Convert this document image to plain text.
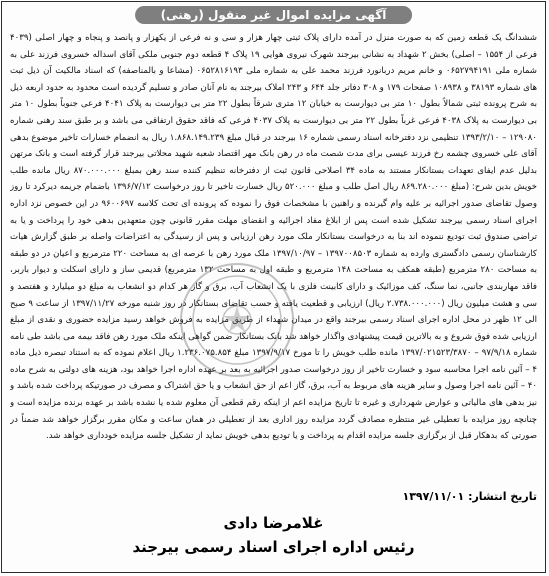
آگهی مزایده اموال غیر منقول (رهنی)

ششدانگ یک قطعه زمین که به صورت منزل در آمده دارای پلاک ثبتی چهار هزار و سی و نه فرعی از یکهزار و پانصد و پنجاه و چهار اصلی (۴۰۳۹ فرعی از ۱۵۵۴ – اصلی) بخش ۲ شهداد به نشانی بیرجند شهرک نیروی هوایی ۱۹ پلاک ۴ قطعه دوم جنوبی ملکی آقای اسداله خسروی فرزند علی به شماره ملی ۰۶۵۲۷۹۴۱۹۱ و خانم مریم دربانورد فرزند محمد علی به شماره ملی ۰۶۵۲۸۱۶۱۹۳ (مشاعا و بالمناصفه) که اسناد مالکیت آن ذیل ثبت های شماره ۳۸۱۹۳ و ۱۰۸۹۳۸ صفحات ۱۷۹ و ۳۰۸ دفاتر جلد ۶۴۴ و ۲۴۳ املاک بیرجند به نام آنان صادر و تسلیم گردیده است محدود به حدود اربعه ذیل به شرح پرونده ثبتی شمالاً بطول ۱۰ متر بی دیوارست به خیابان ۱۲ متری شرقاً بطول ۲۲ متر بی دیوارست به پلاک ۴۰۴۱ فرعی جنوباً بطول ۱۰ متر بی دیوارست به پلاک ۴۰۳۸ فرعی غرباً بطول ۲۲ متر بی دیوارست به پلاک ۴۰۳۷ فرعی که فاقد حقوق ارتفاقی می باشد و بر طبق سند رهنی شماره ۱۲۹۰۸۰ – ۱۳۹۳/۲/۱۰ تنظیمی نزد دفترخانه اسناد رسمی شماره ۱۶ بیرجند در قبال مبلغ ۱.۸۶۸.۱۴۹.۲۳۹ ریال به انضمام خسارات تاخیر موضوع بدهی آقای علی خسروی چشمه رخ فرزند عیسی برای مدت شصت ماه در رهن بانک مهر اقتصاد شعبه شهید محلاتی بیرجند قرار گرفته است و بانک مرتهن بدلیل عدم ایفای تعهدات بستانکار مستند به ماده ۳۴ اصلاحی قانون ثبت از دفترخانه تنظیم کننده سند رهن بمبلغ ۸۷۰.۰۰۰.۰۰۰ ریال مانده طلب خویش بدین شرح: (مبلغ ۸۶۹.۲۸۰.۰۰۰ ریال اصل طلب و مبلغ ۵۲۰.۰۰۰ ریال خسارت تاخیر تا روز درخواست ۱۳۹۶/۷/۱۲ باضمام جریمه دیرکرد تا روز وصول تقاضای صدور اجرائیه بر علیه وام گیرنده و راهنین با مشخصات فوق را نموده که پرونده ای تحت کلاسه ۹۶۰۰۶۹۷ در این خصوص نزد اداره اجرای اسناد رسمی بیرجند تشکیل شده است پس از ابلاغ مفاد اجرائیه و انقضای مهلت مقرر قانونی چون متعهدین بدهی خود را پرداخت و یا به تراضی صندوق ثبت تودیع ننموده اند بنا به درخواست بستانکار ملک مورد رهن ارزیابی و پس از رسیدگی به اعتراضات واصله بر طبق گزارش هیات کارشناسان رسمی دادگستری وارده به شماره ۱۳۹۷۰۰۸۵۰۳ – ۱۳۹۷/۱۰/۹۷ ملک مورد رهن با عرصه ای به مساحت ۲۲۰ مترمربع و اعیان در دو طبقه به مساحت ۲۸۰ مترمربع (طبقه همکف به مساحت ۱۴۸ مترمربع و طبقه اول به مساحت ۱۳۲ مترمربع) قدیمی ساز و دارای اسکلت و دیوار باربر، فاقد مهاربندی جانبی، نما سنگ، کف موزائیک و دارای کابینت فلزی با یک انشعاب آب، برق و گاز هر کدام دو انشعاب به مبلغ دو میلیارد و هفتصد و سی و هشت میلیون ریال (۲.۷۳۸.۰۰۰.۰۰۰ ریال) ارزیابی و قطعیت یافته و حسب تقاضای بستانکار در روز شنبه مورخه ۱۳۹۷/۱۱/۲۷ از ساعت ۹ صبح الی ۱۲ ظهر در محل اداره اجرای اسناد رسمی بیرجند واقع در میدان شهداء از طریق مزایده به فروش خواهد رسید مزایده حضوری و نقدی از مبلغ ارزیابی شده فوق شروع و به بالاترین قیمت پیشنهادی واگذار خواهد شد بانک بستانکار ضمن گواهی اینکه ملک مورد رهن فاقد بیمه می باشد طی نامه شماره ۹۷/۹/۱۸ – ۱۳۹۷/۰۲۱۵۲۳/۳۸۷۰ مانده طلب خویش را تا مورخ ۱۳۹۷/۹/۱۷ مبلغ ۱.۲۳۶.۰۷۵.۸۵۴ ریال اعلام نموده که به استناد تبصره ذیل ماده ۴ – آئین نامه اجرا محاسبه سود و خسارت تاخیر از روز درخواست صدور اجرائیه به بعد بر عهده اداره اجرا خواهد بود، هزینه های دولتی به شرح ماده ۴۰ – آئین نامه اجرا وصول و سایر هزینه های مربوط به آب، برق، گاز اعم از حق انشعاب و یا حق اشتراک و مصرف در صورتیکه پرداخت شده باشد و نیز بدهی های مالیاتی و عوارض شهرداری و غیره تا تاریخ مزایده اعم از اینکه رقم قطعی آن معلوم شده یا نشده باشد بر عهده برنده مزایده است و چنانچه روز مزایده با تعطیلی غیر منتظره مصادف گردد مزایده روز اداری بعد از تعطیلی در همان ساعت و مکان مقرر برگزار خواهد شد ضمناً در صورتی که بدهکار قبل از برگزاری جلسه مزایده اقدام به پرداخت و یا تودیع بدهی خویش نماید از تشکیل جلسه مزایده خودداری خواهد شد.

تاریخ انتشار: ۱۳۹۷/۱۱/۰۱

غلامرضا دادی
رئیس اداره اجرای اسناد رسمی بیرجند
